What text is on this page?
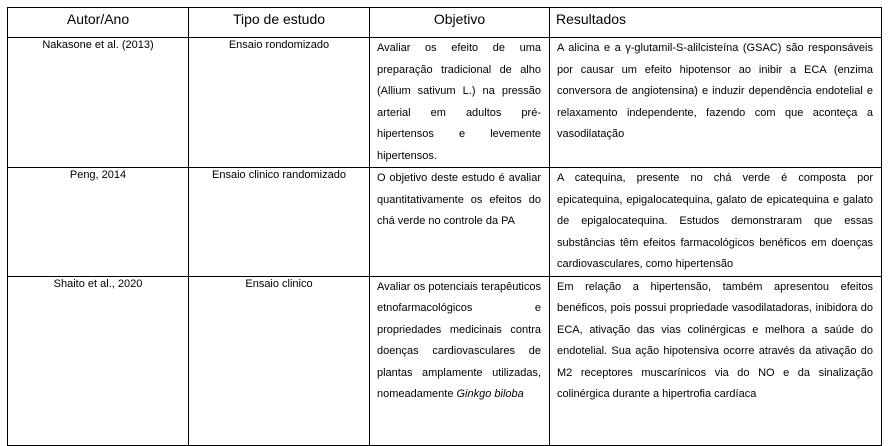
Autor/Ano	Tipo de estudo	Objetivo	Resultados
Nakasone et al. (2013)	Ensaio rondomizado	Avaliar os efeito de uma preparação tradicional de alho (Allium sativum L.) na pressão arterial em adultos pré-hipertensos e levemente hipertensos.	A alicina e a γ-glutamil-S-alilcisteína (GSAC) são responsáveis por causar um efeito hipotensor ao inibir a ECA (enzima conversora de angiotensina) e induzir dependência endotelial e relaxamento independente, fazendo com que aconteça a vasodilatação
Peng, 2014	Ensaio clinico randomizado	O objetivo deste estudo é avaliar quantitativamente os efeitos do chá verde no controle da PA	A catequina, presente no chá verde é composta por epicatequina, epigalocatequina, galato de epicatequina e galato de epigalocatequina. Estudos demonstraram que essas substâncias têm efeitos farmacológicos benéficos em doenças cardiovasculares, como hipertensão
Shaito et al., 2020	Ensaio clinico	Avaliar os potenciais terapêuticos etnofarmacológicos e propriedades medicinais contra doenças cardiovasculares de plantas amplamente utilizadas, nomeadamente Ginkgo biloba	Em relação a hipertensão, também apresentou efeitos benéficos, pois possui propriedade vasodilatadoras, inibidora do ECA, ativação das vias colinérgicas e melhora a saúde do endotelial. Sua ação hipotensiva ocorre através da ativação do M2 receptores muscarínicos via do NO e da sinalização colinérgica durante a hipertrofia cardíaca
